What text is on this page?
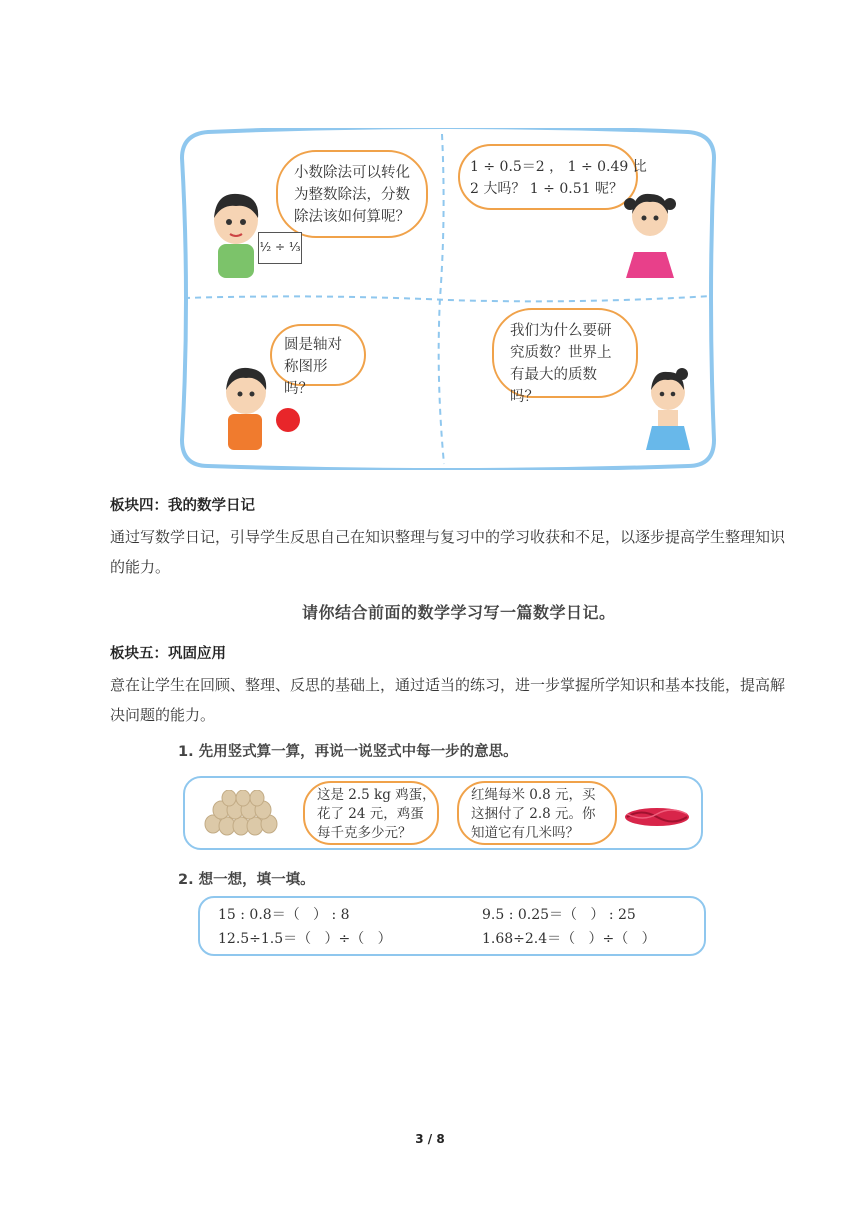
小数除法可以转化为整数除法，分数除法该如何算呢？
½ ÷ ⅓
1 ÷ 0.5＝2 ， 1 ÷ 0.49 比
2 大吗？ 1 ÷ 0.51 呢？
圆是轴对称图形吗？
我们为什么要研究质数？世界上有最大的质数吗？
板块四：我的数学日记
通过写数学日记，引导学生反思自己在知识整理与复习中的学习收获和不足，以逐步提高学生整理知识的能力。
请你结合前面的数学学习写一篇数学日记。
板块五：巩固应用
意在让学生在回顾、整理、反思的基础上，通过适当的练习，进一步掌握所学知识和基本技能，提高解决问题的能力。
1. 先用竖式算一算，再说一说竖式中每一步的意思。
这是 2.5 kg 鸡蛋，
花了 24 元，鸡蛋
每千克多少元？
红绳每米 0.8 元，买
这捆付了 2.8 元。你
知道它有几米吗？
2. 想一想，填一填。
15 : 0.8＝（   ） : 8	9.5 : 0.25＝（   ） : 25
12.5÷1.5＝（   ）÷（   ）	1.68÷2.4＝（   ）÷（   ）
3 / 8
